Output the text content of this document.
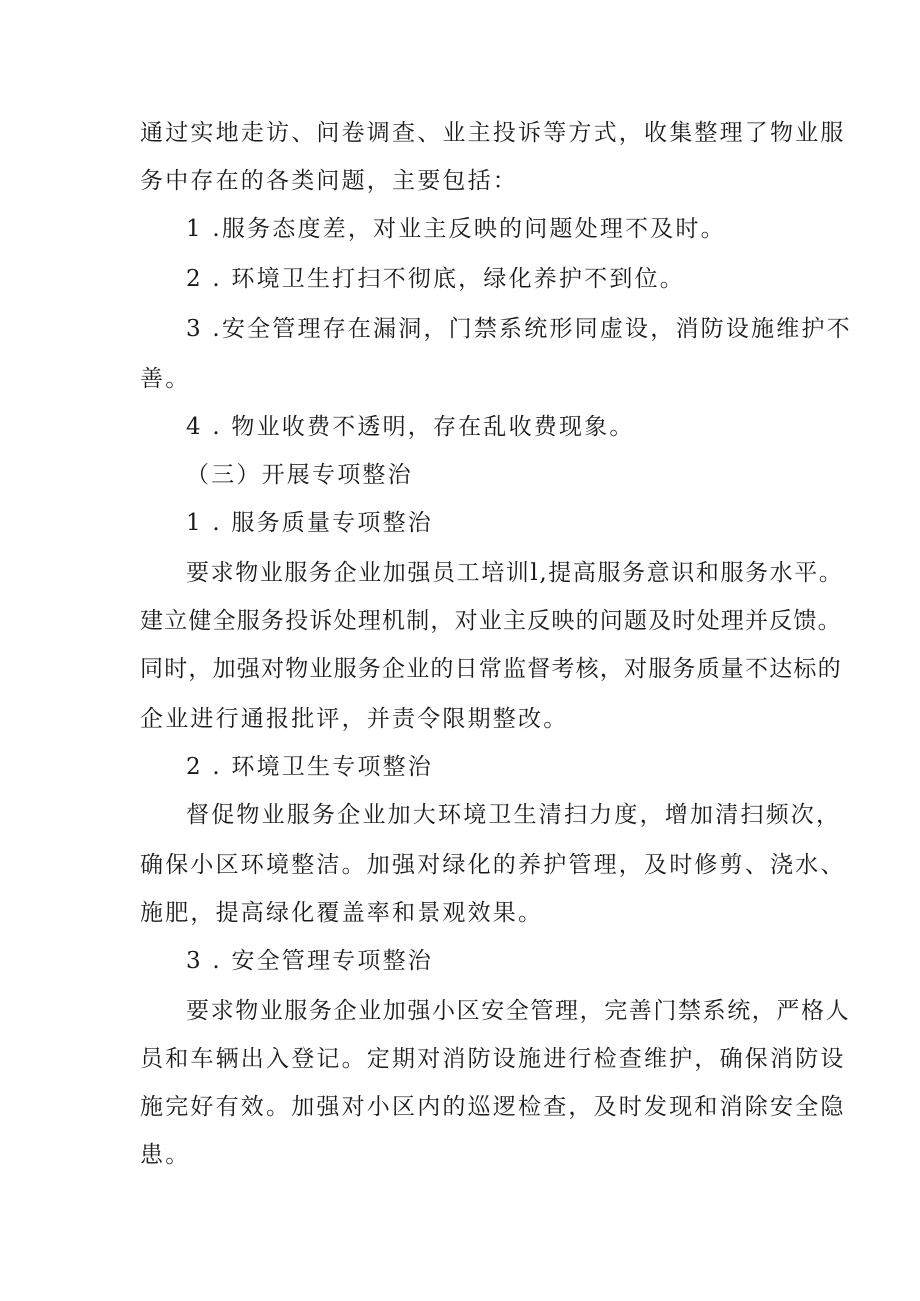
通过实地走访、问卷调查、业主投诉等方式，收集整理了物业服
务中存在的各类问题，主要包括：
1 .服务态度差，对业主反映的问题处理不及时。
2 . 环境卫生打扫不彻底，绿化养护不到位。
3 .安全管理存在漏洞，门禁系统形同虚设，消防设施维护不
善。
4 . 物业收费不透明，存在乱收费现象。
（三）开展专项整治
1 . 服务质量专项整治
要求物业服务企业加强员工培训l,提高服务意识和服务水平。
建立健全服务投诉处理机制，对业主反映的问题及时处理并反馈。
同时，加强对物业服务企业的日常监督考核，对服务质量不达标的
企业进行通报批评，并责令限期整改。
2 . 环境卫生专项整治
督促物业服务企业加大环境卫生清扫力度，增加清扫频次，
确保小区环境整洁。加强对绿化的养护管理，及时修剪、浇水、
施肥，提高绿化覆盖率和景观效果。
3 . 安全管理专项整治
要求物业服务企业加强小区安全管理，完善门禁系统，严格人
员和车辆出入登记。定期对消防设施进行检查维护，确保消防设
施完好有效。加强对小区内的巡逻检查，及时发现和消除安全隐
患。
